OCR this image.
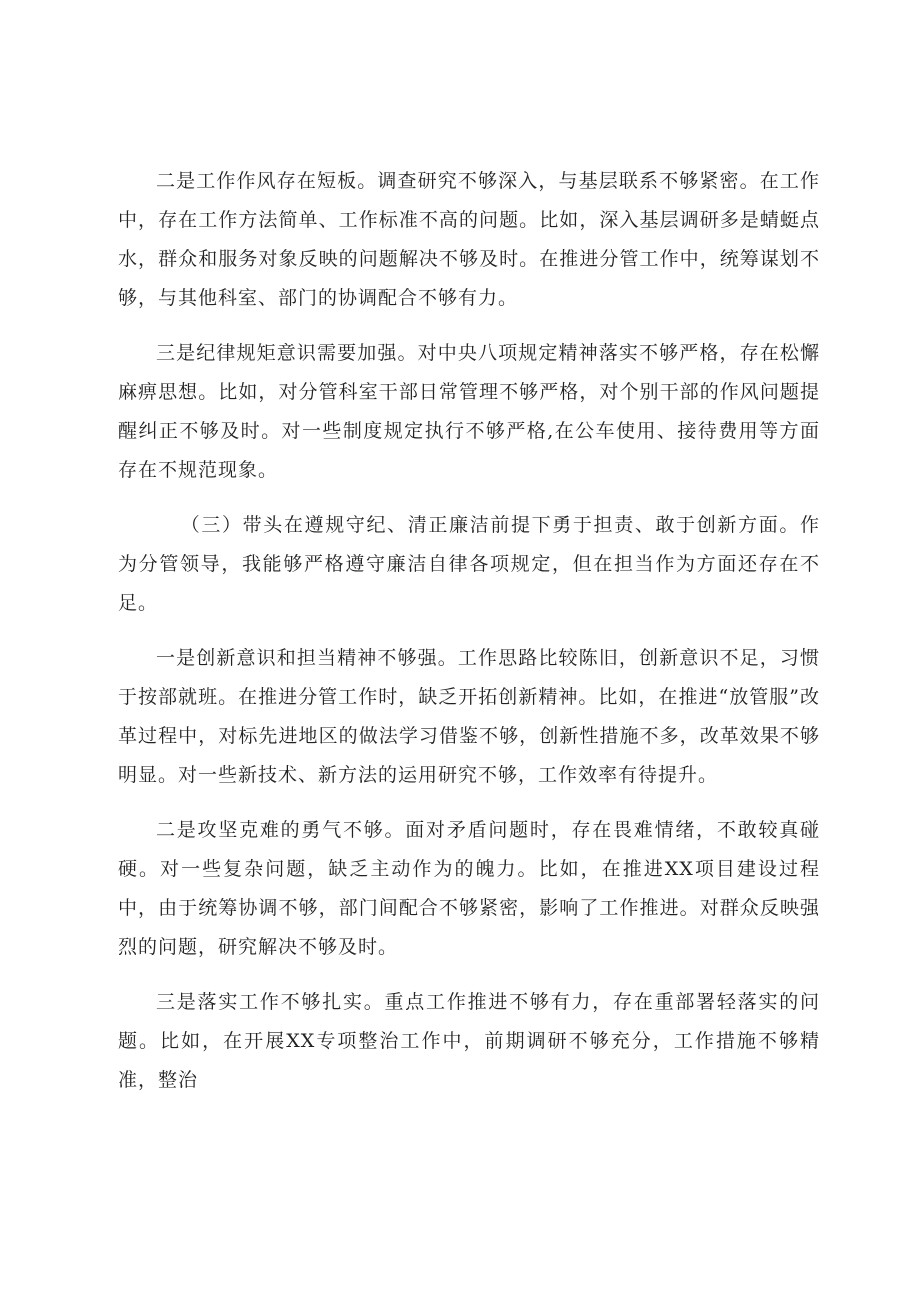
二是工作作风存在短板。调查研究不够深入，与基层联系不够紧密。在工作中，存在工作方法简单、工作标准不高的问题。比如，深入基层调研多是蜻蜓点水，群众和服务对象反映的问题解决不够及时。在推进分管工作中，统筹谋划不够，与其他科室、部门的协调配合不够有力。

三是纪律规矩意识需要加强。对中央八项规定精神落实不够严格，存在松懈麻痹思想。比如，对分管科室干部日常管理不够严格，对个别干部的作风问题提醒纠正不够及时。对一些制度规定执行不够严格,在公车使用、接待费用等方面存在不规范现象。

（三）带头在遵规守纪、清正廉洁前提下勇于担责、敢于创新方面。作为分管领导，我能够严格遵守廉洁自律各项规定，但在担当作为方面还存在不足。

一是创新意识和担当精神不够强。工作思路比较陈旧，创新意识不足，习惯于按部就班。在推进分管工作时，缺乏开拓创新精神。比如，在推进“放管服”改革过程中，对标先进地区的做法学习借鉴不够，创新性措施不多，改革效果不够明显。对一些新技术、新方法的运用研究不够，工作效率有待提升。

二是攻坚克难的勇气不够。面对矛盾问题时，存在畏难情绪，不敢较真碰硬。对一些复杂问题，缺乏主动作为的魄力。比如，在推进XX项目建设过程中，由于统筹协调不够，部门间配合不够紧密，影响了工作推进。对群众反映强烈的问题，研究解决不够及时。

三是落实工作不够扎实。重点工作推进不够有力，存在重部署轻落实的问题。比如，在开展XX专项整治工作中，前期调研不够充分，工作措施不够精准，整治
